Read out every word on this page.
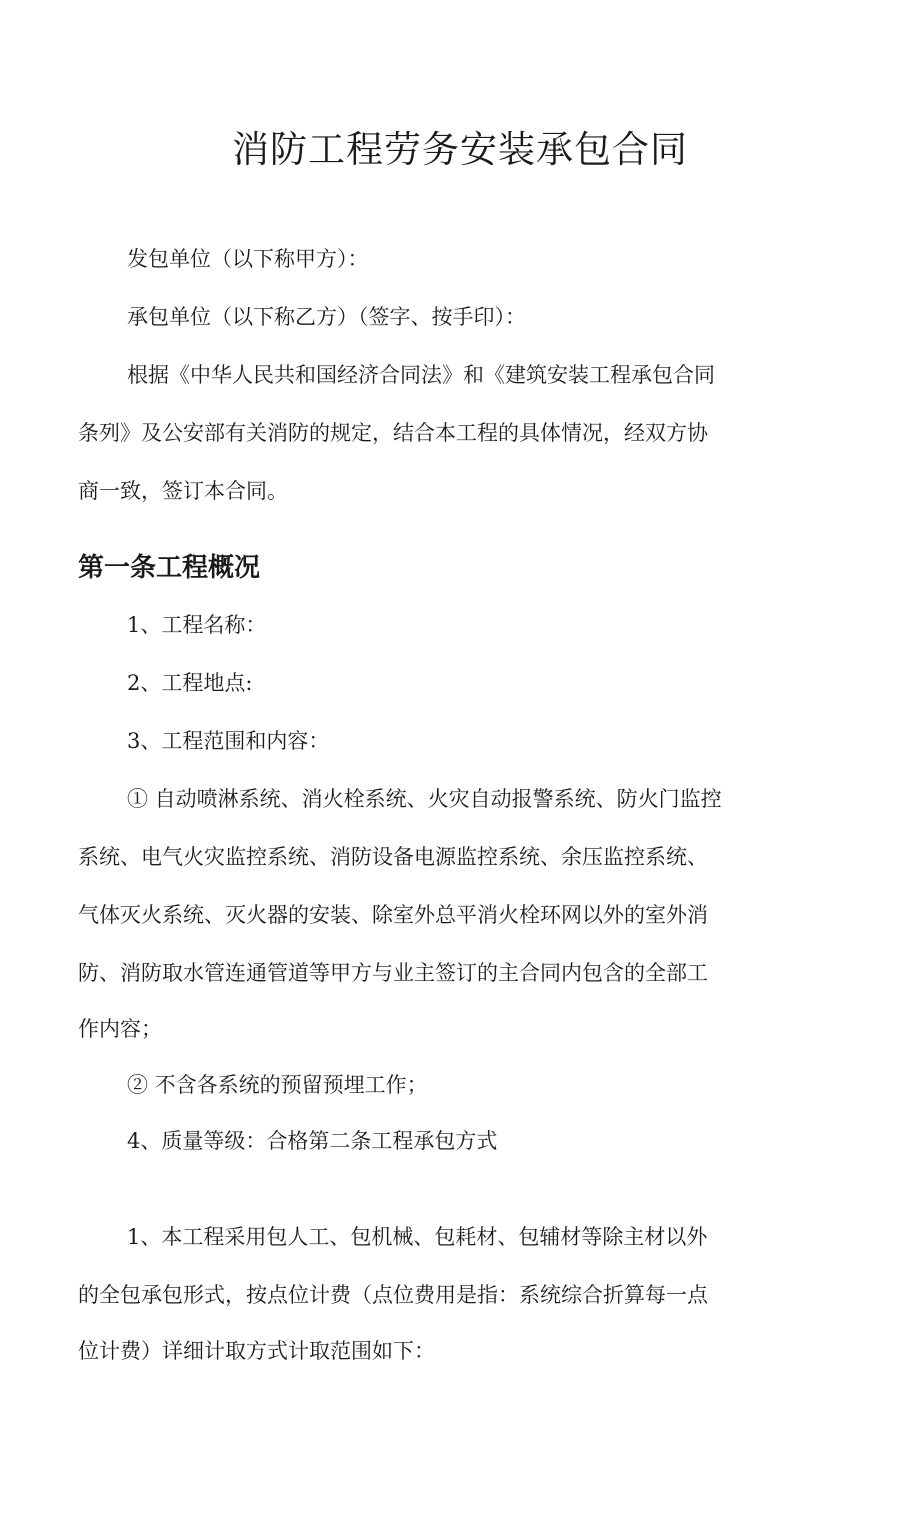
消防工程劳务安装承包合同

发包单位（以下称甲方）：

承包单位（以下称乙方）（签字、按手印）：

根据《中华人民共和国经济合同法》和《建筑安装工程承包合同

条列》及公安部有关消防的规定，结合本工程的具体情况，经双方协

商一致，签订本合同。

第一条工程概况

1、工程名称：

2、工程地点:

3、工程范围和内容：

① 自动喷淋系统、消火栓系统、火灾自动报警系统、防火门监控

系统、电气火灾监控系统、消防设备电源监控系统、余压监控系统、

气体灭火系统、灭火器的安装、除室外总平消火栓环网以外的室外消

防、消防取水管连通管道等甲方与业主签订的主合同内包含的全部工

作内容；

② 不含各系统的预留预埋工作；

4、质量等级：合格第二条工程承包方式

1、本工程采用包人工、包机械、包耗材、包辅材等除主材以外

的全包承包形式，按点位计费（点位费用是指：系统综合折算每一点

位计费）详细计取方式计取范围如下：
